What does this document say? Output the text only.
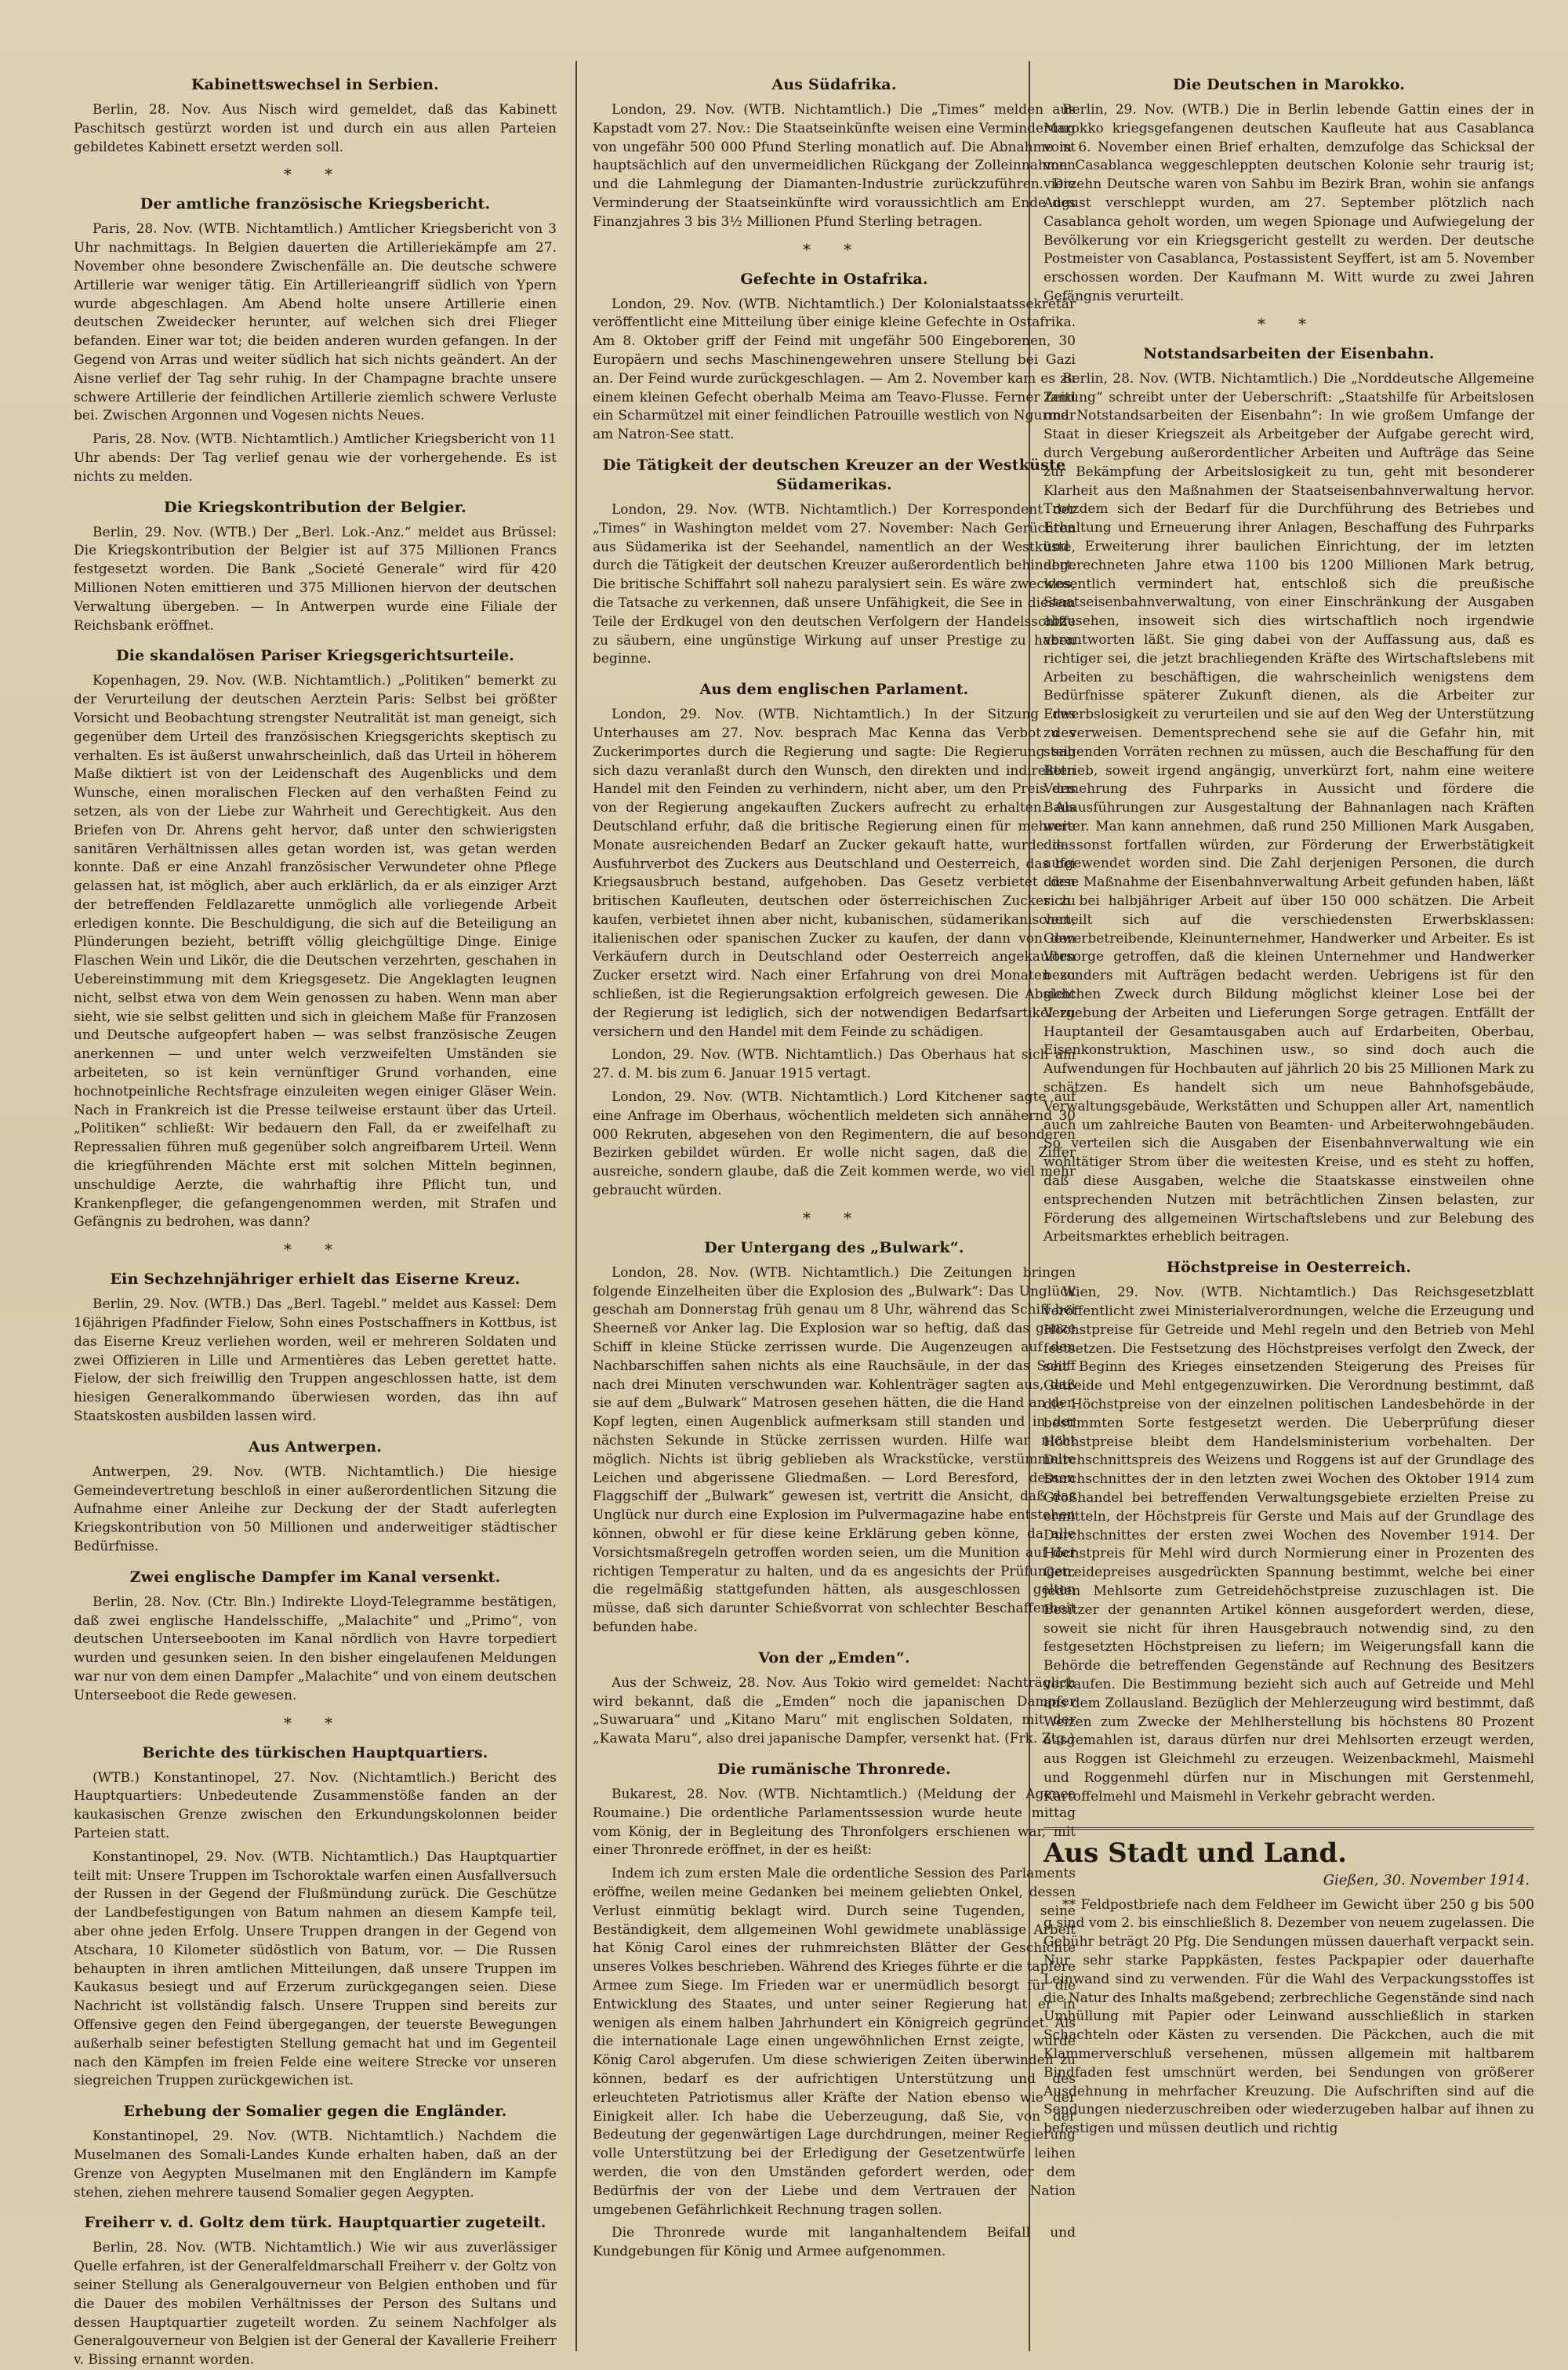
Kabinettswechsel in Serbien.

Berlin, 28. Nov. Aus Nisch wird gemeldet, daß das Kabinett Paschitsch gestürzt worden ist und durch ein aus allen Parteien gebildetes Kabinett ersetzt werden soll.

* *
Der amtliche französische Kriegsbericht.

Paris, 28. Nov. (WTB. Nichtamtlich.) Amtlicher Kriegsbericht von 3 Uhr nachmittags. In Belgien dauerten die Artilleriekämpfe am 27. November ohne besondere Zwischenfälle an. Die deutsche schwere Artillerie war weniger tätig. Ein Artillerieangriff südlich von Ypern wurde abgeschlagen. Am Abend holte unsere Artillerie einen deutschen Zweidecker herunter, auf welchen sich drei Flieger befanden. Einer war tot; die beiden anderen wurden gefangen. In der Gegend von Arras und weiter südlich hat sich nichts geändert. An der Aisne verlief der Tag sehr ruhig. In der Champagne brachte unsere schwere Artillerie der feindlichen Artillerie ziemlich schwere Verluste bei. Zwischen Argonnen und Vogesen nichts Neues.

Paris, 28. Nov. (WTB. Nichtamtlich.) Amtlicher Kriegsbericht von 11 Uhr abends: Der Tag verlief genau wie der vorhergehende. Es ist nichts zu melden.

Die Kriegskontribution der Belgier.

Berlin, 29. Nov. (WTB.) Der „Berl. Lok.-Anz.“ meldet aus Brüssel: Die Kriegskontribution der Belgier ist auf 375 Millionen Francs festgesetzt worden. Die Bank „Societé Generale“ wird für 420 Millionen Noten emittieren und 375 Millionen hiervon der deutschen Verwaltung übergeben. — In Antwerpen wurde eine Filiale der Reichsbank eröffnet.

Die skandalösen Pariser Kriegsgerichtsurteile.

Kopenhagen, 29. Nov. (W.B. Nichtamtlich.) „Politiken“ bemerkt zu der Verurteilung der deutschen Aerztein Paris: Selbst bei größter Vorsicht und Beobachtung strengster Neutralität ist man geneigt, sich gegenüber dem Urteil des französischen Kriegsgerichts skeptisch zu verhalten. Es ist äußerst unwahrscheinlich, daß das Urteil in höherem Maße diktiert ist von der Leidenschaft des Augenblicks und dem Wunsche, einen moralischen Flecken auf den verhaßten Feind zu setzen, als von der Liebe zur Wahrheit und Gerechtigkeit. Aus den Briefen von Dr. Ahrens geht hervor, daß unter den schwierigsten sanitären Verhältnissen alles getan worden ist, was getan werden konnte. Daß er eine Anzahl französischer Verwundeter ohne Pflege gelassen hat, ist möglich, aber auch erklärlich, da er als einziger Arzt der betreffenden Feldlazarette unmöglich alle vorliegende Arbeit erledigen konnte. Die Beschuldigung, die sich auf die Beteiligung an Plünderungen bezieht, betrifft völlig gleichgültige Dinge. Einige Flaschen Wein und Likör, die die Deutschen verzehrten, geschahen in Uebereinstimmung mit dem Kriegsgesetz. Die Angeklagten leugnen nicht, selbst etwa von dem Wein genossen zu haben. Wenn man aber sieht, wie sie selbst gelitten und sich in gleichem Maße für Franzosen und Deutsche aufgeopfert haben — was selbst französische Zeugen anerkennen — und unter welch verzweifelten Umständen sie arbeiteten, so ist kein vernünftiger Grund vorhanden, eine hochnotpeinliche Rechtsfrage einzuleiten wegen einiger Gläser Wein. Nach in Frankreich ist die Presse teilweise erstaunt über das Urteil. „Politiken“ schließt: Wir bedauern den Fall, da er zweifelhaft zu Repressalien führen muß gegenüber solch angreifbarem Urteil. Wenn die kriegführenden Mächte erst mit solchen Mitteln beginnen, unschuldige Aerzte, die wahrhaftig ihre Pflicht tun, und Krankenpfleger, die gefangengenommen werden, mit Strafen und Gefängnis zu bedrohen, was dann?

* *
Ein Sechzehnjähriger erhielt das Eiserne Kreuz.

Berlin, 29. Nov. (WTB.) Das „Berl. Tagebl.“ meldet aus Kassel: Dem 16jährigen Pfadfinder Fielow, Sohn eines Postschaffners in Kottbus, ist das Eiserne Kreuz verliehen worden, weil er mehreren Soldaten und zwei Offizieren in Lille und Armentières das Leben gerettet hatte. Fielow, der sich freiwillig den Truppen angeschlossen hatte, ist dem hiesigen Generalkommando überwiesen worden, das ihn auf Staatskosten ausbilden lassen wird.

Aus Antwerpen.

Antwerpen, 29. Nov. (WTB. Nichtamtlich.) Die hiesige Gemeindevertretung beschloß in einer außerordentlichen Sitzung die Aufnahme einer Anleihe zur Deckung der der Stadt auferlegten Kriegskontribution von 50 Millionen und anderweitiger städtischer Bedürfnisse.

Zwei englische Dampfer im Kanal versenkt.

Berlin, 28. Nov. (Ctr. Bln.) Indirekte Lloyd-Telegramme bestätigen, daß zwei englische Handelsschiffe, „Malachite“ und „Primo“, von deutschen Unterseebooten im Kanal nördlich von Havre torpediert wurden und gesunken seien. In den bisher eingelaufenen Meldungen war nur von dem einen Dampfer „Malachite“ und von einem deutschen Unterseeboot die Rede gewesen.

* *
Berichte des türkischen Hauptquartiers.

(WTB.) Konstantinopel, 27. Nov. (Nichtamtlich.) Bericht des Hauptquartiers: Unbedeutende Zusammenstöße fanden an der kaukasischen Grenze zwischen den Erkundungskolonnen beider Parteien statt.

Konstantinopel, 29. Nov. (WTB. Nichtamtlich.) Das Hauptquartier teilt mit: Unsere Truppen im Tschoroktale warfen einen Ausfallversuch der Russen in der Gegend der Flußmündung zurück. Die Geschütze der Landbefestigungen von Batum nahmen an diesem Kampfe teil, aber ohne jeden Erfolg. Unsere Truppen drangen in der Gegend von Atschara, 10 Kilometer südöstlich von Batum, vor. — Die Russen behaupten in ihren amtlichen Mitteilungen, daß unsere Truppen im Kaukasus besiegt und auf Erzerum zurückgegangen seien. Diese Nachricht ist vollständig falsch. Unsere Truppen sind bereits zur Offensive gegen den Feind übergegangen, der teuerste Bewegungen außerhalb seiner befestigten Stellung gemacht hat und im Gegenteil nach den Kämpfen im freien Felde eine weitere Strecke vor unseren siegreichen Truppen zurückgewichen ist.

Erhebung der Somalier gegen die Engländer.

Konstantinopel, 29. Nov. (WTB. Nichtamtlich.) Nachdem die Muselmanen des Somali-Landes Kunde erhalten haben, daß an der Grenze von Aegypten Muselmanen mit den Engländern im Kampfe stehen, ziehen mehrere tausend Somalier gegen Aegypten.

Freiherr v. d. Goltz dem türk. Hauptquartier zugeteilt.

Berlin, 28. Nov. (WTB. Nichtamtlich.) Wie wir aus zuverlässiger Quelle erfahren, ist der Generalfeldmarschall Freiherr v. der Goltz von seiner Stellung als Generalgouverneur von Belgien enthoben und für die Dauer des mobilen Verhältnisses der Person des Sultans und dessen Hauptquartier zugeteilt worden. Zu seinem Nachfolger als Generalgouverneur von Belgien ist der General der Kavallerie Freiherr v. Bissing ernannt worden.

Aus Südafrika.

London, 29. Nov. (WTB. Nichtamtlich.) Die „Times“ melden aus Kapstadt vom 27. Nov.: Die Staatseinkünfte weisen eine Verminderung von ungefähr 500 000 Pfund Sterling monatlich auf. Die Abnahme ist hauptsächlich auf den unvermeidlichen Rückgang der Zolleinnahmen und die Lahmlegung der Diamanten-Industrie zurückzuführen. Die Verminderung der Staatseinkünfte wird voraussichtlich am Ende des Finanzjahres 3 bis 3½ Millionen Pfund Sterling betragen.

* *
Gefechte in Ostafrika.

London, 29. Nov. (WTB. Nichtamtlich.) Der Kolonialstaatssekretär veröffentlicht eine Mitteilung über einige kleine Gefechte in Ostafrika. Am 8. Oktober griff der Feind mit ungefähr 500 Eingeborenen, 30 Europäern und sechs Maschinengewehren unsere Stellung bei Gazi an. Der Feind wurde zurückgeschlagen. — Am 2. November kam es zu einem kleinen Gefecht oberhalb Meima am Teavo-Flusse. Ferner fand ein Scharmützel mit einer feindlichen Patrouille westlich von Ngurmar am Natron-See statt.

Die Tätigkeit der deutschen Kreuzer an der Westküste Südamerikas.

London, 29. Nov. (WTB. Nichtamtlich.) Der Korrespondent der „Times“ in Washington meldet vom 27. November: Nach Gerüchten aus Südamerika ist der Seehandel, namentlich an der Westküste, durch die Tätigkeit der deutschen Kreuzer außerordentlich behindert. Die britische Schiffahrt soll nahezu paralysiert sein. Es wäre zwecklos, die Tatsache zu verkennen, daß unsere Unfähigkeit, die See in diesem Teile der Erdkugel von den deutschen Verfolgern der Handelsschiffe zu säubern, eine ungünstige Wirkung auf unser Prestige zu haben beginne.

Aus dem englischen Parlament.

London, 29. Nov. (WTB. Nichtamtlich.) In der Sitzung des Unterhauses am 27. Nov. besprach Mac Kenna das Verbot des Zuckerimportes durch die Regierung und sagte: Die Regierung sah sich dazu veranlaßt durch den Wunsch, den direkten und indirekten Handel mit den Feinden zu verhindern, nicht aber, um den Preis des von der Regierung angekauften Zuckers aufrecht zu erhalten. Als Deutschland erfuhr, daß die britische Regierung einen für mehrere Monate ausreichenden Bedarf an Zucker gekauft hatte, wurde das Ausfuhrverbot des Zuckers aus Deutschland und Oesterreich, das bei Kriegsausbruch bestand, aufgehoben. Das Gesetz verbietet den britischen Kaufleuten, deutschen oder österreichischen Zucker zu kaufen, verbietet ihnen aber nicht, kubanischen, südamerikanischen, italienischen oder spanischen Zucker zu kaufen, der dann von den Verkäufern durch in Deutschland oder Oesterreich angekauften Zucker ersetzt wird. Nach einer Erfahrung von drei Monaten zu schließen, ist die Regierungsaktion erfolgreich gewesen. Die Absicht der Regierung ist lediglich, sich der notwendigen Bedarfsartikel zu versichern und den Handel mit dem Feinde zu schädigen.

London, 29. Nov. (WTB. Nichtamtlich.) Das Oberhaus hat sich am 27. d. M. bis zum 6. Januar 1915 vertagt.

London, 29. Nov. (WTB. Nichtamtlich.) Lord Kitchener sagte auf eine Anfrage im Oberhaus, wöchentlich meldeten sich annähernd 30 000 Rekruten, abgesehen von den Regimentern, die auf besonderen Bezirken gebildet würden. Er wolle nicht sagen, daß die Ziffer ausreiche, sondern glaube, daß die Zeit kommen werde, wo viel mehr gebraucht würden.

* *
Der Untergang des „Bulwark“.

London, 28. Nov. (WTB. Nichtamtlich.) Die Zeitungen bringen folgende Einzelheiten über die Explosion des „Bulwark“: Das Unglück geschah am Donnerstag früh genau um 8 Uhr, während das Schiff bei Sheerneß vor Anker lag. Die Explosion war so heftig, daß das ganze Schiff in kleine Stücke zerrissen wurde. Die Augenzeugen auf den Nachbarschiffen sahen nichts als eine Rauchsäule, in der das Schiff nach drei Minuten verschwunden war. Kohlenträger sagten aus, daß sie auf dem „Bulwark“ Matrosen gesehen hätten, die die Hand an den Kopf legten, einen Augenblick aufmerksam still standen und in der nächsten Sekunde in Stücke zerrissen wurden. Hilfe war nicht möglich. Nichts ist übrig geblieben als Wrackstücke, verstümmelte Leichen und abgerissene Gliedmaßen. — Lord Beresford, dessen Flaggschiff der „Bulwark“ gewesen ist, vertritt die Ansicht, daß das Unglück nur durch eine Explosion im Pulvermagazine habe entstehen können, obwohl er für diese keine Erklärung geben könne, da alle Vorsichtsmaßregeln getroffen worden seien, um die Munition auf der richtigen Temperatur zu halten, und da es angesichts der Prüfungen, die regelmäßig stattgefunden hätten, als ausgeschlossen gelten müsse, daß sich darunter Schießvorrat von schlechter Beschaffenheit befunden habe.

Von der „Emden“.

Aus der Schweiz, 28. Nov. Aus Tokio wird gemeldet: Nachträglich wird bekannt, daß die „Emden“ noch die japanischen Dampfer „Suwaruara“ und „Kitano Maru“ mit englischen Soldaten, mit der „Kawata Maru“, also drei japanische Dampfer, versenkt hat. (Frk. Ztg.)

Die rumänische Thronrede.

Bukarest, 28. Nov. (WTB. Nichtamtlich.) (Meldung der Agence Roumaine.) Die ordentliche Parlamentssession wurde heute mittag vom König, der in Begleitung des Thronfolgers erschienen war, mit einer Thronrede eröffnet, in der es heißt:

Indem ich zum ersten Male die ordentliche Session des Parlaments eröffne, weilen meine Gedanken bei meinem geliebten Onkel, dessen Verlust einmütig beklagt wird. Durch seine Tugenden, seine Beständigkeit, dem allgemeinen Wohl gewidmete unablässige Arbeit hat König Carol eines der ruhmreichsten Blätter der Geschichte unseres Volkes beschrieben. Während des Krieges führte er die tapfere Armee zum Siege. Im Frieden war er unermüdlich besorgt für die Entwicklung des Staates, und unter seiner Regierung hat er in wenigen als einem halben Jahrhundert ein Königreich gegründet. Als die internationale Lage einen ungewöhnlichen Ernst zeigte, wurde König Carol abgerufen. Um diese schwierigen Zeiten überwinden zu können, bedarf es der aufrichtigen Unterstützung und des erleuchteten Patriotismus aller Kräfte der Nation ebenso wie der Einigkeit aller. Ich habe die Ueberzeugung, daß Sie, von der Bedeutung der gegenwärtigen Lage durchdrungen, meiner Regierung volle Unterstützung bei der Erledigung der Gesetzentwürfe leihen werden, die von den Umständen gefordert werden, oder dem Bedürfnis der von der Liebe und dem Vertrauen der Nation umgebenen Gefährlichkeit Rechnung tragen sollen.

Die Thronrede wurde mit langanhaltendem Beifall und Kundgebungen für König und Armee aufgenommen.

Die Deutschen in Marokko.

Berlin, 29. Nov. (WTB.) Die in Berlin lebende Gattin eines der in Marokko kriegsgefangenen deutschen Kaufleute hat aus Casablanca vom 6. November einen Brief erhalten, demzufolge das Schicksal der von Casablanca weggeschleppten deutschen Kolonie sehr traurig ist; vierzehn Deutsche waren von Sahbu im Bezirk Bran, wohin sie anfangs August verschleppt wurden, am 27. September plötzlich nach Casablanca geholt worden, um wegen Spionage und Aufwiegelung der Bevölkerung vor ein Kriegsgericht gestellt zu werden. Der deutsche Postmeister von Casablanca, Postassistent Seyffert, ist am 5. November erschossen worden. Der Kaufmann M. Witt wurde zu zwei Jahren Gefängnis verurteilt.

* *
Notstandsarbeiten der Eisenbahn.

Berlin, 28. Nov. (WTB. Nichtamtlich.) Die „Norddeutsche Allgemeine Zeitung“ schreibt unter der Ueberschrift: „Staatshilfe für Arbeitslosen und Notstandsarbeiten der Eisenbahn“: In wie großem Umfange der Staat in dieser Kriegszeit als Arbeitgeber der Aufgabe gerecht wird, durch Vergebung außerordentlicher Arbeiten und Aufträge das Seine zur Bekämpfung der Arbeitslosigkeit zu tun, geht mit besonderer Klarheit aus den Maßnahmen der Staatseisenbahnverwaltung hervor. Trotzdem sich der Bedarf für die Durchführung des Betriebes und Erhaltung und Erneuerung ihrer Anlagen, Beschaffung des Fuhrparks und Erweiterung ihrer baulichen Einrichtung, der im letzten abgerechneten Jahre etwa 1100 bis 1200 Millionen Mark betrug, wesentlich vermindert hat, entschloß sich die preußische Staatseisenbahnverwaltung, von einer Einschränkung der Ausgaben abzusehen, insoweit sich dies wirtschaftlich noch irgendwie verantworten läßt. Sie ging dabei von der Auffassung aus, daß es richtiger sei, die jetzt brachliegenden Kräfte des Wirtschaftslebens mit Arbeiten zu beschäftigen, die wahrscheinlich wenigstens dem Bedürfnisse späterer Zukunft dienen, als die Arbeiter zur Erwerbslosigkeit zu verurteilen und sie auf den Weg der Unterstützung zu verweisen. Dementsprechend sehe sie auf die Gefahr hin, mit steigenden Vorräten rechnen zu müssen, auch die Beschaffung für den Betrieb, soweit irgend angängig, unverkürzt fort, nahm eine weitere Vermehrung des Fuhrparks in Aussicht und fördere die Bauausführungen zur Ausgestaltung der Bahnanlagen nach Kräften weiter. Man kann annehmen, daß rund 250 Millionen Mark Ausgaben, die sonst fortfallen würden, zur Förderung der Erwerbstätigkeit aufgewendet worden sind. Die Zahl derjenigen Personen, die durch diese Maßnahme der Eisenbahnverwaltung Arbeit gefunden haben, läßt sich bei halbjähriger Arbeit auf über 150 000 schätzen. Die Arbeit verteilt sich auf die verschiedensten Erwerbsklassen: Gewerbetreibende, Kleinunternehmer, Handwerker und Arbeiter. Es ist Vorsorge getroffen, daß die kleinen Unternehmer und Handwerker besonders mit Aufträgen bedacht werden. Uebrigens ist für den gleichen Zweck durch Bildung möglichst kleiner Lose bei der Vergebung der Arbeiten und Lieferungen Sorge getragen. Entfällt der Hauptanteil der Gesamtausgaben auch auf Erdarbeiten, Oberbau, Eisenkonstruktion, Maschinen usw., so sind doch auch die Aufwendungen für Hochbauten auf jährlich 20 bis 25 Millionen Mark zu schätzen. Es handelt sich um neue Bahnhofsgebäude, Verwaltungsgebäude, Werkstätten und Schuppen aller Art, namentlich auch um zahlreiche Bauten von Beamten- und Arbeiterwohngebäuden. So verteilen sich die Ausgaben der Eisenbahnverwaltung wie ein wohltätiger Strom über die weitesten Kreise, und es steht zu hoffen, daß diese Ausgaben, welche die Staatskasse einstweilen ohne entsprechenden Nutzen mit beträchtlichen Zinsen belasten, zur Förderung des allgemeinen Wirtschaftslebens und zur Belebung des Arbeitsmarktes erheblich beitragen.

Höchstpreise in Oesterreich.

Wien, 29. Nov. (WTB. Nichtamtlich.) Das Reichsgesetzblatt veröffentlicht zwei Ministerialverordnungen, welche die Erzeugung und Höchstpreise für Getreide und Mehl regeln und den Betrieb von Mehl festsetzen. Die Festsetzung des Höchstpreises verfolgt den Zweck, der seit Beginn des Krieges einsetzenden Steigerung des Preises für Getreide und Mehl entgegenzuwirken. Die Verordnung bestimmt, daß die Höchstpreise von der einzelnen politischen Landesbehörde in der bestimmten Sorte festgesetzt werden. Die Ueberprüfung dieser Höchstpreise bleibt dem Handelsministerium vorbehalten. Der Durchschnittspreis des Weizens und Roggens ist auf der Grundlage des Durchschnittes der in den letzten zwei Wochen des Oktober 1914 zum Großhandel bei betreffenden Verwaltungsgebiete erzielten Preise zu ermitteln, der Höchstpreis für Gerste und Mais auf der Grundlage des Durchschnittes der ersten zwei Wochen des November 1914. Der Höchstpreis für Mehl wird durch Normierung einer in Prozenten des Getreidepreises ausgedrückten Spannung bestimmt, welche bei einer jeden Mehlsorte zum Getreidehöchstpreise zuzuschlagen ist. Die Besitzer der genannten Artikel können ausgefordert werden, diese, soweit sie nicht für ihren Hausgebrauch notwendig sind, zu den festgesetzten Höchstpreisen zu liefern; im Weigerungsfall kann die Behörde die betreffenden Gegenstände auf Rechnung des Besitzers verkaufen. Die Bestimmung bezieht sich auch auf Getreide und Mehl aus dem Zollausland. Bezüglich der Mehlerzeugung wird bestimmt, daß Weizen zum Zwecke der Mehlherstellung bis höchstens 80 Prozent ausgemahlen ist, daraus dürfen nur drei Mehlsorten erzeugt werden, aus Roggen ist Gleichmehl zu erzeugen. Weizenbackmehl, Maismehl und Roggenmehl dürfen nur in Mischungen mit Gerstenmehl, Kartoffelmehl und Maismehl in Verkehr gebracht werden.

Aus Stadt und Land.
Gießen, 30. November 1914.

** Feldpostbriefe nach dem Feldheer im Gewicht über 250 g bis 500 g sind vom 2. bis einschließlich 8. Dezember von neuem zugelassen. Die Gebühr beträgt 20 Pfg. Die Sendungen müssen dauerhaft verpackt sein. Nur sehr starke Pappkästen, festes Packpapier oder dauerhafte Leinwand sind zu verwenden. Für die Wahl des Verpackungsstoffes ist die Natur des Inhalts maßgebend; zerbrechliche Gegenstände sind nach Umhüllung mit Papier oder Leinwand ausschließlich in starken Schachteln oder Kästen zu versenden. Die Päckchen, auch die mit Klammerverschluß versehenen, müssen allgemein mit haltbarem Bindfaden fest umschnürt werden, bei Sendungen von größerer Ausdehnung in mehrfacher Kreuzung. Die Aufschriften sind auf die Sendungen niederzuschreiben oder wiederzugeben halbar auf ihnen zu befestigen und müssen deutlich und richtig
